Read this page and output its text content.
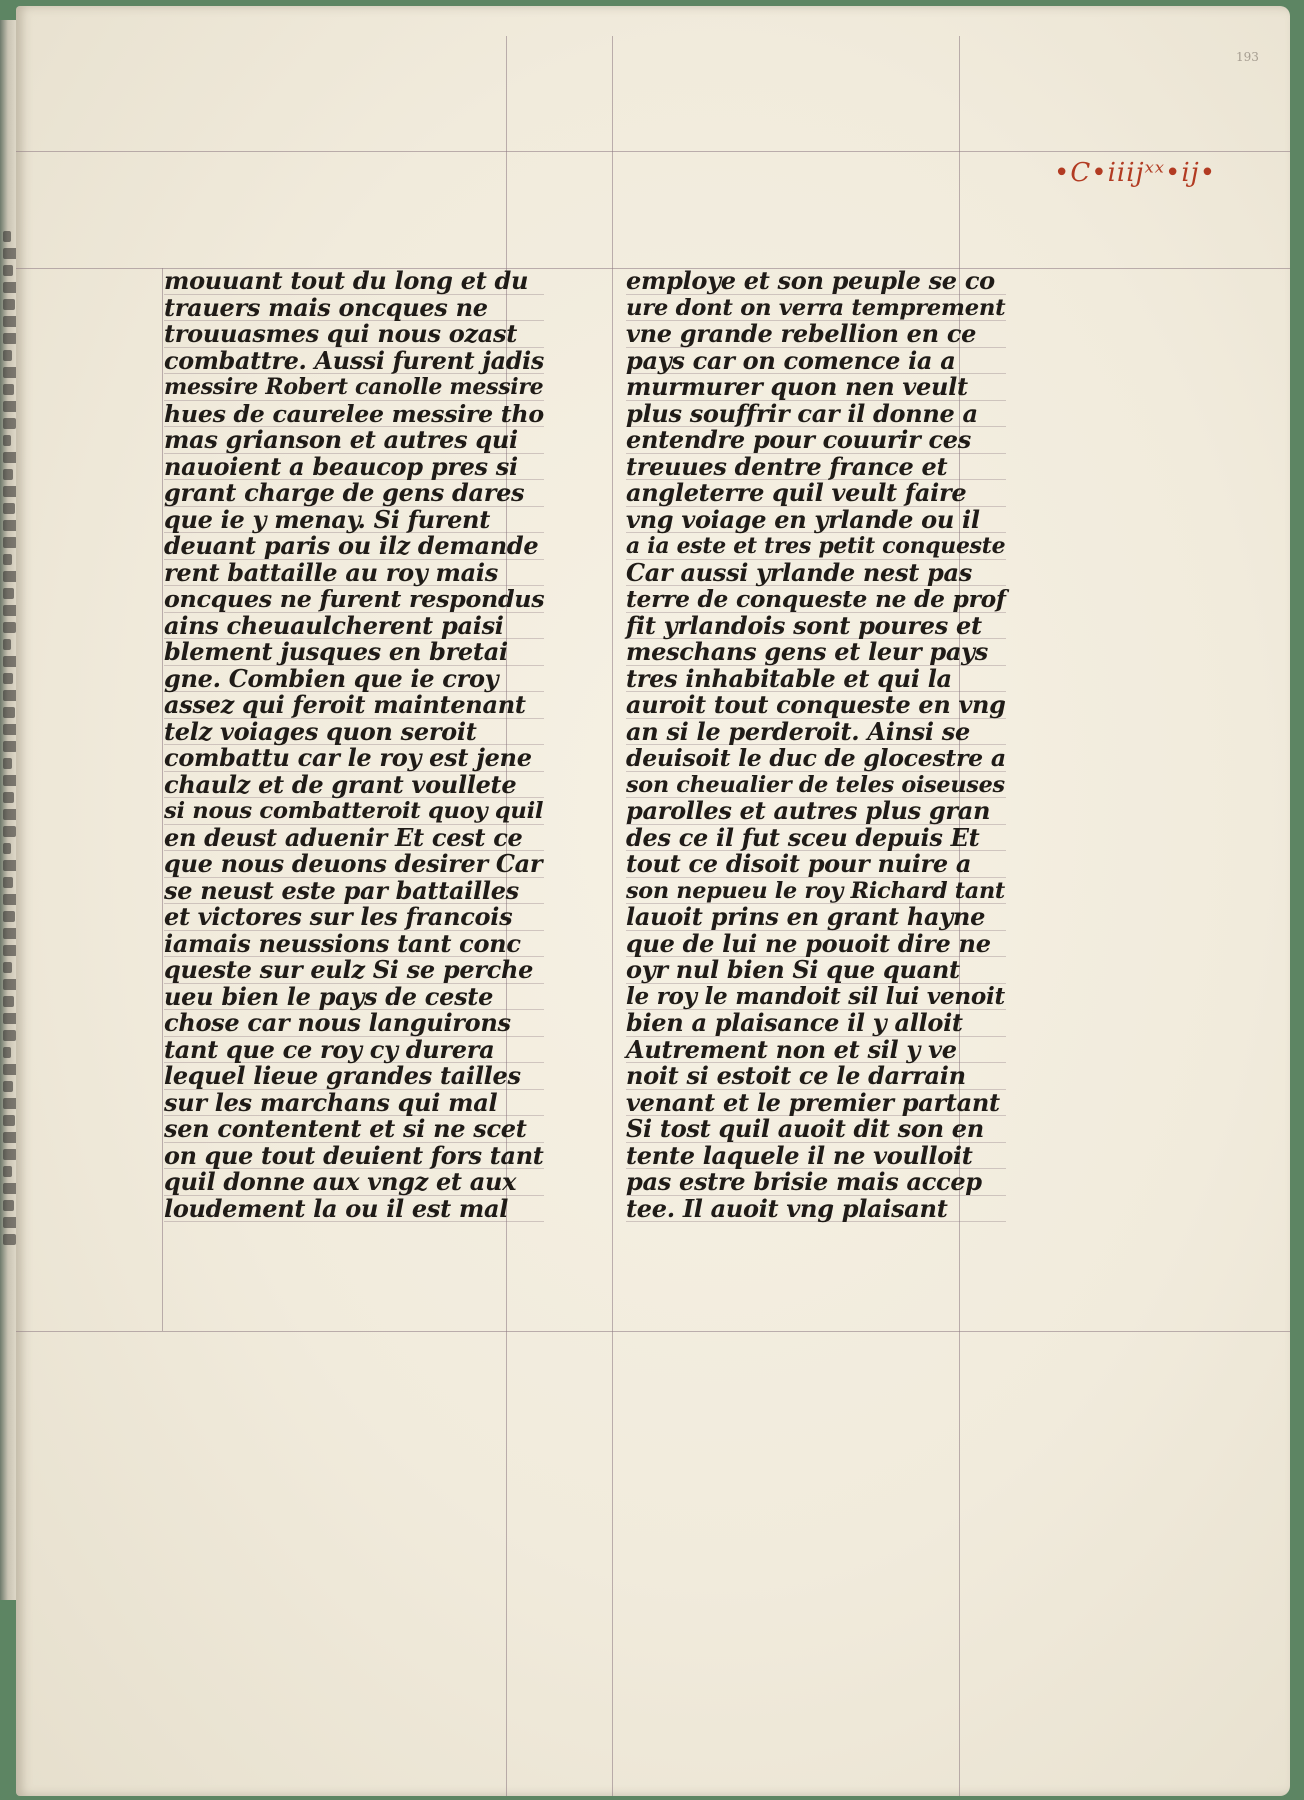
193
•C•iiijˣˣ•ij•
mouuant tout du long et du
trauers mais oncques ne
trouuasmes qui nous ozast
combattre. Aussi furent jadis
messire Robert canolle messire
hues de caurelee messire tho
mas grianson et autres qui
nauoient a beaucop pres si
grant charge de gens dares
que ie y menay. Si furent
deuant paris ou ilz demande
rent battaille au roy mais
oncques ne furent respondus
ains cheuaulcherent paisi
blement jusques en bretai
gne. Combien que ie croy
assez qui feroit maintenant
telz voiages quon seroit
combattu car le roy est jene
chaulz et de grant voullete
si nous combatteroit quoy quil
en deust aduenir Et cest ce
que nous deuons desirer Car
se neust este par battailles
et victores sur les francois
iamais neussions tant conc
queste sur eulz Si se perche
ueu bien le pays de ceste
chose car nous languirons
tant que ce roy cy durera
lequel lieue grandes tailles
sur les marchans qui mal
sen contentent et si ne scet
on que tout deuient fors tant
quil donne aux vngz et aux
loudement la ou il est mal
employe et son peuple se co
ure dont on verra temprement
vne grande rebellion en ce
pays car on comence ia a
murmurer quon nen veult
plus souffrir car il donne a
entendre pour couurir ces
treuues dentre france et
angleterre quil veult faire
vng voiage en yrlande ou il
a ia este et tres petit conqueste
Car aussi yrlande nest pas
terre de conqueste ne de prof
fit yrlandois sont poures et
meschans gens et leur pays
tres inhabitable et qui la
auroit tout conqueste en vng
an si le perderoit. Ainsi se
deuisoit le duc de glocestre a
son cheualier de teles oiseuses
parolles et autres plus gran
des ce il fut sceu depuis Et
tout ce disoit pour nuire a
son nepueu le roy Richard tant
lauoit prins en grant hayne
que de lui ne pouoit dire ne
oyr nul bien Si que quant
le roy le mandoit sil lui venoit
bien a plaisance il y alloit
Autrement non et sil y ve
noit si estoit ce le darrain
venant et le premier partant
Si tost quil auoit dit son en
tente laquele il ne voulloit
pas estre brisie mais accep
tee. Il auoit vng plaisant
